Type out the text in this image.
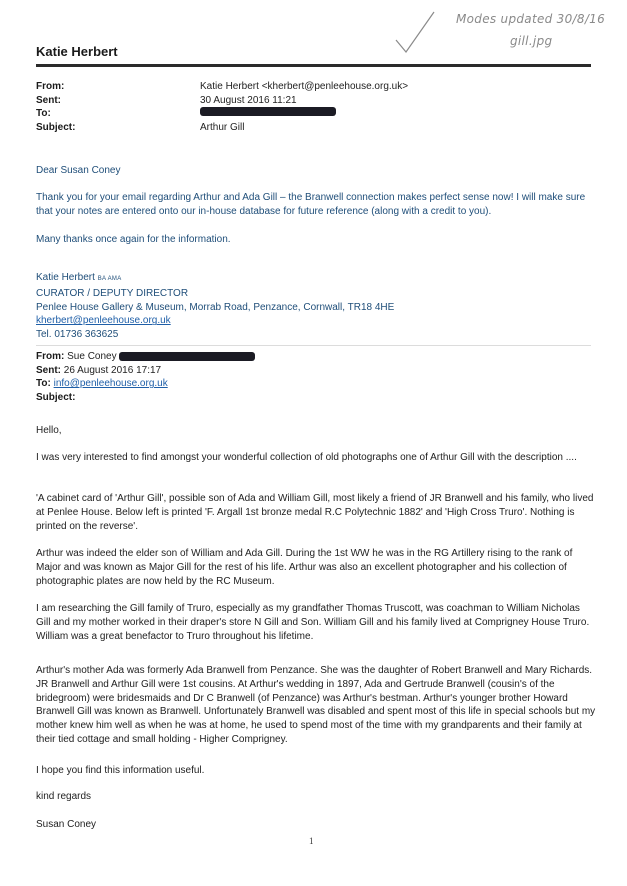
Modes updated 30/8/16
gill.jpg
Katie Herbert
From:	Katie Herbert <kherbert@penleehouse.org.uk>
Sent:	30 August 2016 11:21
To:
Subject:	Arthur Gill
Dear Susan Coney
Thank you for your email regarding Arthur and Ada Gill – the Branwell connection makes perfect sense now! I will make sure that your notes are entered onto our in-house database for future reference (along with a credit to you).
Many thanks once again for the information.
Katie Herbert BA AMA
CURATOR / DEPUTY DIRECTOR
Penlee House Gallery & Museum, Morrab Road, Penzance, Cornwall, TR18 4HE
kherbert@penleehouse.org.uk
Tel. 01736 363625
From: Sue Coney
Sent: 26 August 2016 17:17
To: info@penleehouse.org.uk
Subject:
Hello,
I was very interested to find amongst your wonderful collection of old photographs one of Arthur Gill with the description ....
'A cabinet card of 'Arthur Gill', possible son of Ada and William Gill, most likely a friend of JR Branwell and his family, who lived at Penlee House. Below left is printed 'F. Argall 1st bronze medal R.C Polytechnic 1882' and 'High Cross Truro'. Nothing is printed on the reverse'.
Arthur was indeed the elder son of William and Ada Gill. During the 1st WW he was in the RG Artillery rising to the rank of Major and was known as Major Gill for the rest of his life. Arthur was also an excellent photographer and his collection of photographic plates are now held by the RC Museum.
I am researching the Gill family of Truro, especially as my grandfather Thomas Truscott, was coachman to William Nicholas Gill and my mother worked in their draper's store N Gill and Son. William Gill and his family lived at Comprigney House Truro. William was a great benefactor to Truro throughout his lifetime.
Arthur's mother Ada was formerly Ada Branwell from Penzance. She was the daughter of Robert Branwell and Mary Richards. JR Branwell and Arthur Gill were 1st cousins. At Arthur's wedding in 1897, Ada and Gertrude Branwell (cousin's of the bridegroom) were bridesmaids and Dr C Branwell (of Penzance) was Arthur's bestman. Arthur's younger brother Howard Branwell Gill was known as Branwell. Unfortunately Branwell was disabled and spent most of this life in special schools but my mother knew him well as when he was at home, he used to spend most of the time with my grandparents and their family at their tied cottage and small holding - Higher Comprigney.
I hope you find this information useful.
kind regards
Susan Coney
1
